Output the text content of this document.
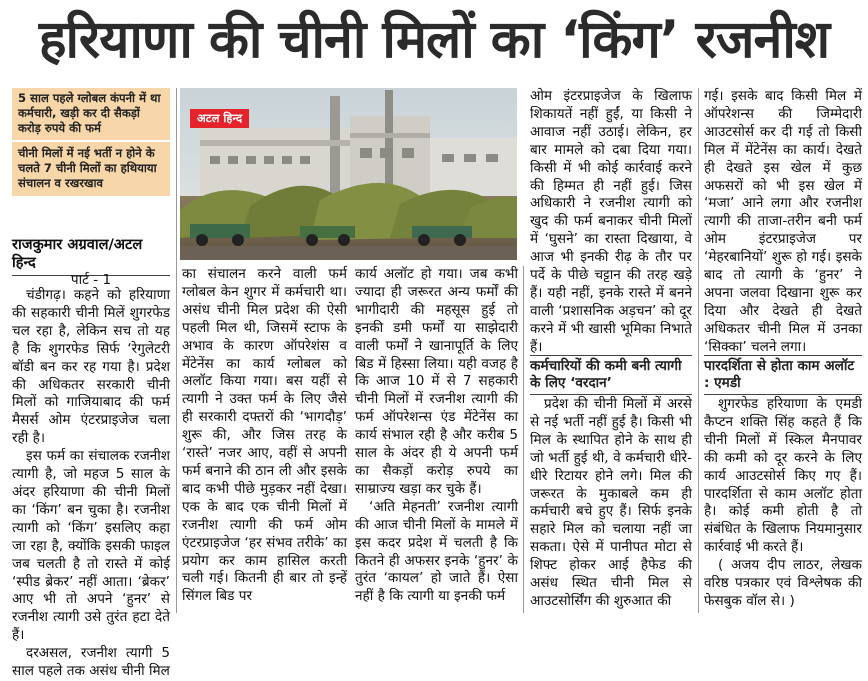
हरियाणा की चीनी मिलों का ‘किंग’ रजनीश
5 साल पहले ग्लोबल कंपनी में था कर्मचारी, खड़ी कर दी सैकड़ों करोड़ रुपये की फर्म
चीनी मिलों में नई भर्ती न होने के चलते 7 चीनी मिलों का हथियाया संचालन व रखरखाव
राजकुमार अग्रवाल/अटल हिन्द
पार्ट - 1
अटल हिन्द

चंडीगढ़। कहने को हरियाणा की सहकारी चीनी मिलें शुगरफेड चल रहा है, लेकिन सच तो यह है कि शुगरफेड सिर्फ ‘रेगुलेटरी बॉडी बन कर रह गया है। प्रदेश की अधिकतर सरकारी चीनी मिलों को गाजियाबाद की फर्म मैसर्स ओम एंटरप्राइजेज चला रही है।

इस फर्म का संचालक रजनीश त्यागी है, जो महज 5 साल के अंदर हरियाणा की चीनी मिलों का ‘किंग’ बन चुका है। रजनीश त्यागी को ‘किंग’ इसलिए कहा जा रहा है, क्योंकि इसकी फाइल जब चलती है तो रास्ते में कोई ‘स्पीड ब्रेकर’ नहीं आता। ‘ब्रेकर’ आए भी तो अपने ‘हुनर’ से रजनीश त्यागी उसे तुरंत हटा देते हैं।

दरअसल, रजनीश त्यागी 5 साल पहले तक असंध चीनी मिल

का संचालन करने वाली फर्म ग्लोबल केन शुगर में कर्मचारी था। असंध चीनी मिल प्रदेश की ऐसी पहली मिल थी, जिसमें स्टाफ के अभाव के कारण ऑपरेशंस व मेंटेनेंस का कार्य ग्लोबल को अलॉट किया गया। बस यहीं से त्यागी ने उक्त फर्म के लिए जैसे ही सरकारी दफ्तरों की ‘भागदौड़’ शुरू की, और जिस तरह के ‘रास्ते’ नजर आए, वहीं से अपनी फर्म बनाने की ठान ली और इसके बाद कभी पीछे मुड़कर नहीं देखा। एक के बाद एक चीनी मिलों में रजनीश त्यागी की फर्म ओम एंटरप्राइजेज ‘हर संभव तरीके’ का प्रयोग कर काम हासिल करती चली गई। कितनी ही बार तो इन्हें सिंगल बिड पर

कार्य अलॉट हो गया। जब कभी ज्यादा ही जरूरत अन्य फर्मों की भागीदारी की महसूस हुई तो इनकी डमी फर्मों या साझेदारी वाली फर्मों ने खानापूर्ति के लिए बिड में हिस्सा लिया। यही वजह है कि आज 10 में से 7 सहकारी चीनी मिलों में रजनीश त्यागी की फर्म ऑपरेशन्स एंड मेंटेनेंस का कार्य संभाल रही है और करीब 5 साल के अंदर ही ये अपनी फर्म का सैकड़ों करोड़ रुपये का साम्राज्य खड़ा कर चुके हैं।

‘अति मेहनती’ रजनीश त्यागी की आज चीनी मिलों के मामले में इस कदर प्रदेश में चलती है कि कितने ही अफसर इनके ‘हुनर’ के तुरंत ‘कायल’ हो जाते हैं। ऐसा नहीं है कि त्यागी या इनकी फर्म

ओम इंटरप्राइजेज के खिलाफ शिकायतें नहीं हुईं, या किसी ने आवाज नहीं उठाई। लेकिन, हर बार मामले को दबा दिया गया। किसी में भी कोई कार्रवाई करने की हिम्मत ही नहीं हुई। जिस अधिकारी ने रजनीश त्यागी को खुद की फर्म बनाकर चीनी मिलों में ‘घुसने’ का रास्ता दिखाया, वे आज भी इनकी रीढ़ के तौर पर पर्दे के पीछे चट्टान की तरह खड़े हैं। यही नहीं, इनके रास्ते में बनने वाली ‘प्रशासनिक अड़चन’ को दूर करने में भी खासी भूमिका निभाते हैं।

कर्मचारियों की कमी बनी त्यागी के लिए ‘वरदान’

प्रदेश की चीनी मिलों में अरसे से नई भर्ती नहीं हुई है। किसी भी मिल के स्थापित होने के साथ ही जो भर्ती हुई थी, वे कर्मचारी धीरे-धीरे रिटायर होने लगे। मिल की जरूरत के मुकाबले कम ही कर्मचारी बचे हुए हैं। सिर्फ इनके सहारे मिल को चलाया नहीं जा सकता। ऐसे में पानीपत मोटा से शिफ्ट होकर आई हैफेड की असंध स्थित चीनी मिल से आउटसोर्सिंग की शुरुआत की

गई। इसके बाद किसी मिल में ऑपरेशन्स की जिम्मेदारी आउटसोर्स कर दी गई तो किसी मिल में मेंटेनेंस का कार्य। देखते ही देखते इस खेल में कुछ अफसरों को भी इस खेल में ‘मजा’ आने लगा और रजनीश त्यागी की ताजा-तरीन बनी फर्म ओम इंटरप्राइजेज पर ‘मेहरबानियों’ शुरू हो गई। इसके बाद तो त्यागी के ‘हुनर’ ने अपना जलवा दिखाना शुरू कर दिया और देखते ही देखते अधिकतर चीनी मिल में उनका ‘सिक्का’ चलने लगा।

पारदर्शिता से होता काम अलॉट : एमडी

शुगरफेड हरियाणा के एमडी कैप्टन शक्ति सिंह कहते हैं कि चीनी मिलों में स्किल मैनपावर की कमी को दूर करने के लिए कार्य आउटसोर्स किए गए हैं। पारदर्शिता से काम अलॉट होता है। कोई कमी होती है तो संबंधित के खिलाफ नियमानुसार कार्रवाई भी करते हैं।

( अजय दीप लाठर, लेखक वरिष्ठ पत्रकार एवं विश्लेषक की फेसबुक वॉल से। )
